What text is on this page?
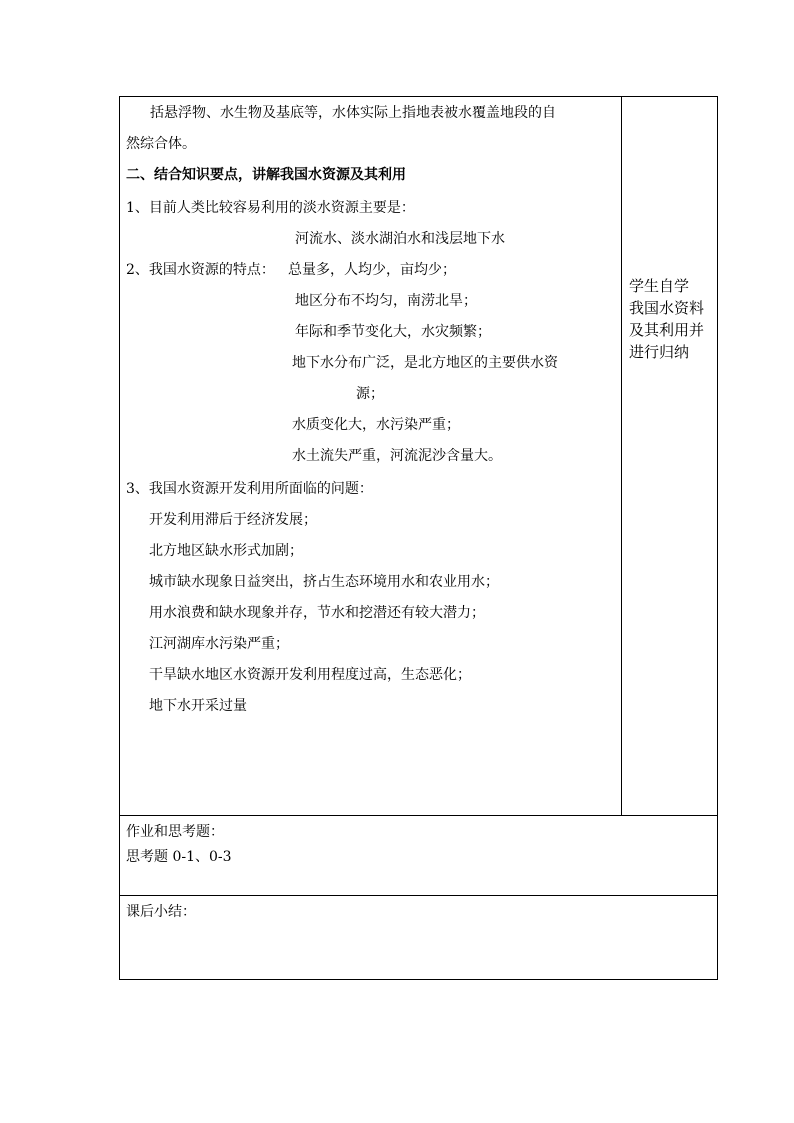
括悬浮物、水生物及基底等，水体实际上指地表被水覆盖地段的自

然综合体。

二、结合知识要点，讲解我国水资源及其利用

1、目前人类比较容易利用的淡水资源主要是：

河流水、淡水湖泊水和浅层地下水

2、我国水资源的特点： 总量多，人均少，亩均少；

地区分布不均匀，南涝北旱；

年际和季节变化大，水灾频繁；

地下水分布广泛，是北方地区的主要供水资

源；

水质变化大，水污染严重；

水土流失严重，河流泥沙含量大。

3、我国水资源开发利用所面临的问题：

开发利用滞后于经济发展；

北方地区缺水形式加剧；

城市缺水现象日益突出，挤占生态环境用水和农业用水；

用水浪费和缺水现象并存，节水和挖潜还有较大潜力；

江河湖库水污染严重；

干旱缺水地区水资源开发利用程度过高，生态恶化；

地下水开采过量

学生自学
我国水资料
及其利用并
进行归纳

作业和思考题：

思考题 0-1、0-3

课后小结：
